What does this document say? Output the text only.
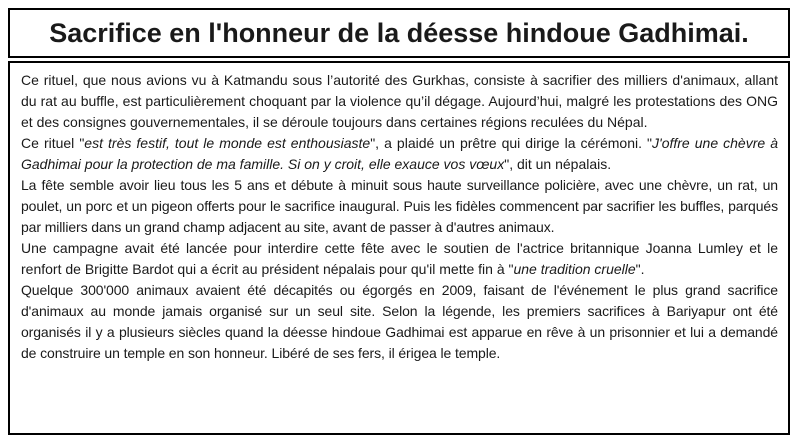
Sacrifice en l'honneur de la déesse hindoue Gadhimai.

Ce rituel, que nous avions vu à Katmandu sous l’autorité des Gurkhas, consiste à sacrifier des milliers d'animaux, allant du rat au buffle, est particulièrement choquant par la violence qu’il dégage. Aujourd’hui, malgré les protestations des ONG et des consignes gouvernementales, il se déroule toujours dans certaines régions reculées du Népal.

Ce rituel "est très festif, tout le monde est enthousiaste", a plaidé un prêtre qui dirige la cérémoni. "J'offre une chèvre à Gadhimai pour la protection de ma famille. Si on y croit, elle exauce vos vœux", dit un népalais.

La fête semble avoir lieu tous les 5 ans et débute à minuit sous haute surveillance policière, avec une chèvre, un rat, un poulet, un porc et un pigeon offerts pour le sacrifice inaugural. Puis les fidèles commencent par sacrifier les buffles, parqués par milliers dans un grand champ adjacent au site, avant de passer à d'autres animaux.

Une campagne avait été lancée pour interdire cette fête avec le soutien de l'actrice britannique Joanna Lumley et le renfort de Brigitte Bardot qui a écrit au président népalais pour qu'il mette fin à "une tradition cruelle".

Quelque 300'000 animaux avaient été décapités ou égorgés en 2009, faisant de l'événement le plus grand sacrifice d'animaux au monde jamais organisé sur un seul site. Selon la légende, les premiers sacrifices à Bariyapur ont été organisés il y a plusieurs siècles quand la déesse hindoue Gadhimai est apparue en rêve à un prisonnier et lui a demandé de construire un temple en son honneur. Libéré de ses fers, il érigea le temple.
